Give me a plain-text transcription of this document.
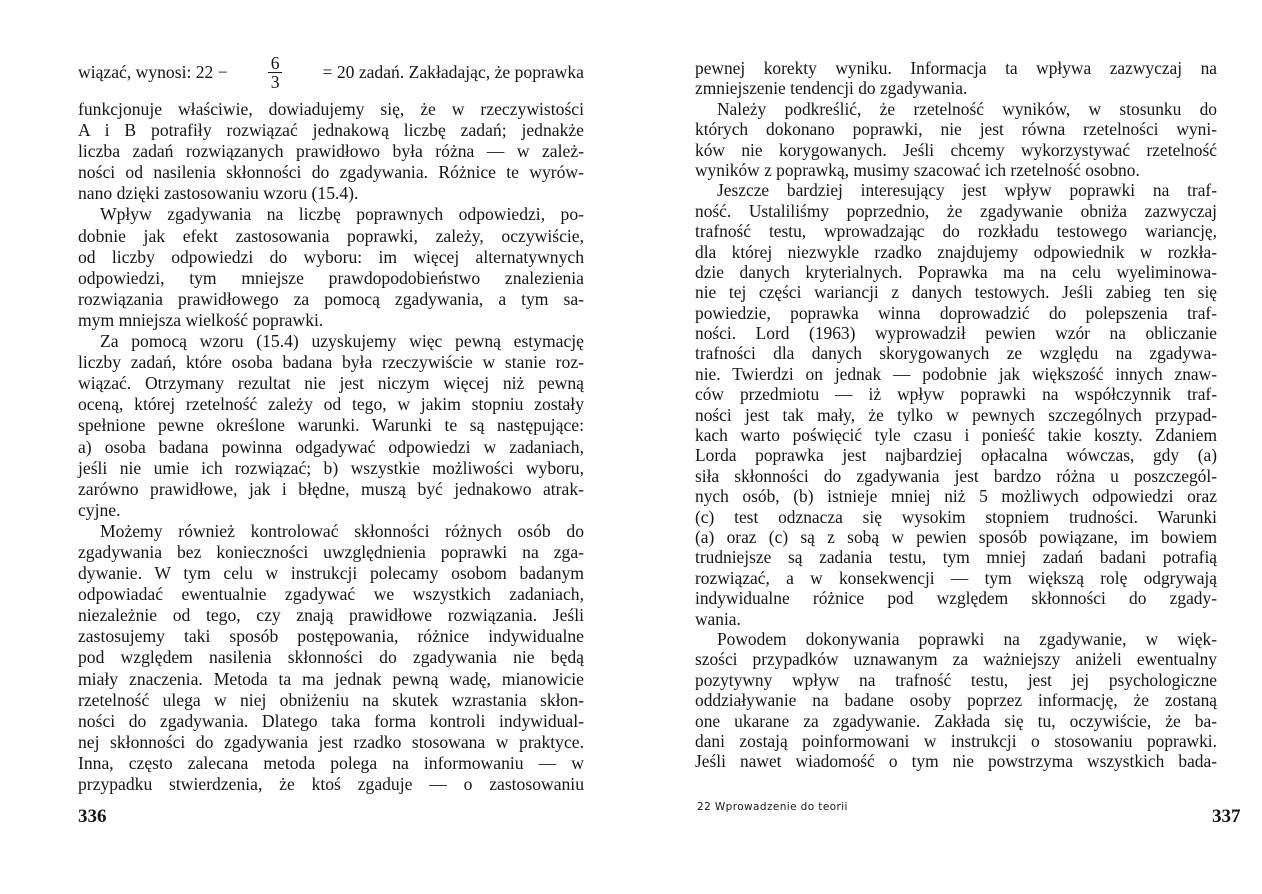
wiązać, wynosi: $22 - \frac{6}{3} = 20$ zadań. Zakładając, że poprawka
funkcjonuje właściwie, dowiadujemy się, że w rzeczywistości
A i B potrafiły rozwiązać jednakową liczbę zadań; jednakże
liczba zadań rozwiązanych prawidłowo była różna — w zależ-
ności od nasilenia skłonności do zgadywania. Różnice te wyrów-
nano dzięki zastosowaniu wzoru (15.4).
Wpływ zgadywania na liczbę poprawnych odpowiedzi, po-
dobnie jak efekt zastosowania poprawki, zależy, oczywiście,
od liczby odpowiedzi do wyboru: im więcej alternatywnych
odpowiedzi, tym mniejsze prawdopodobieństwo znalezienia
rozwiązania prawidłowego za pomocą zgadywania, a tym sa-
mym mniejsza wielkość poprawki.
Za pomocą wzoru (15.4) uzyskujemy więc pewną estymację
liczby zadań, które osoba badana była rzeczywiście w stanie roz-
wiązać. Otrzymany rezultat nie jest niczym więcej niż pewną
oceną, której rzetelność zależy od tego, w jakim stopniu zostały
spełnione pewne określone warunki. Warunki te są następujące:
a) osoba badana powinna odgadywać odpowiedzi w zadaniach,
jeśli nie umie ich rozwiązać; b) wszystkie możliwości wyboru,
zarówno prawidłowe, jak i błędne, muszą być jednakowo atrak-
cyjne.
Możemy również kontrolować skłonności różnych osób do
zgadywania bez konieczności uwzględnienia poprawki na zga-
dywanie. W tym celu w instrukcji polecamy osobom badanym
odpowiadać ewentualnie zgadywać we wszystkich zadaniach,
niezależnie od tego, czy znają prawidłowe rozwiązania. Jeśli
zastosujemy taki sposób postępowania, różnice indywidualne
pod względem nasilenia skłonności do zgadywania nie będą
miały znaczenia. Metoda ta ma jednak pewną wadę, mianowicie
rzetelność ulega w niej obniżeniu na skutek wzrastania skłon-
ności do zgadywania. Dlatego taka forma kontroli indywidual-
nej skłonności do zgadywania jest rzadko stosowana w praktyce.
Inna, często zalecana metoda polega na informowaniu — w
przypadku stwierdzenia, że ktoś zgaduje — o zastosowaniu
pewnej korekty wyniku. Informacja ta wpływa zazwyczaj na
zmniejszenie tendencji do zgadywania.
Należy podkreślić, że rzetelność wyników, w stosunku do
których dokonano poprawki, nie jest równa rzetelności wyni-
ków nie korygowanych. Jeśli chcemy wykorzystywać rzetelność
wyników z poprawką, musimy szacować ich rzetelność osobno.
Jeszcze bardziej interesujący jest wpływ poprawki na traf-
ność. Ustaliliśmy poprzednio, że zgadywanie obniża zazwyczaj
trafność testu, wprowadzając do rozkładu testowego wariancję,
dla której niezwykle rzadko znajdujemy odpowiednik w rozkła-
dzie danych kryterialnych. Poprawka ma na celu wyeliminowa-
nie tej części wariancji z danych testowych. Jeśli zabieg ten się
powiedzie, poprawka winna doprowadzić do polepszenia traf-
ności. Lord (1963) wyprowadził pewien wzór na obliczanie
trafności dla danych skorygowanych ze względu na zgadywa-
nie. Twierdzi on jednak — podobnie jak większość innych znaw-
ców przedmiotu — iż wpływ poprawki na współczynnik traf-
ności jest tak mały, że tylko w pewnych szczególnych przypad-
kach warto poświęcić tyle czasu i ponieść takie koszty. Zdaniem
Lorda poprawka jest najbardziej opłacalna wówczas, gdy (a)
siła skłonności do zgadywania jest bardzo różna u poszczegól-
nych osób, (b) istnieje mniej niż 5 możliwych odpowiedzi oraz
(c) test odznacza się wysokim stopniem trudności. Warunki
(a) oraz (c) są z sobą w pewien sposób powiązane, im bowiem
trudniejsze są zadania testu, tym mniej zadań badani potrafią
rozwiązać, a w konsekwencji — tym większą rolę odgrywają
indywidualne różnice pod względem skłonności do zgady-
wania.
Powodem dokonywania poprawki na zgadywanie, w więk-
szości przypadków uznawanym za ważniejszy aniżeli ewentualny
pozytywny wpływ na trafność testu, jest jej psychologiczne
oddziaływanie na badane osoby poprzez informację, że zostaną
one ukarane za zgadywanie. Zakłada się tu, oczywiście, że ba-
dani zostają poinformowani w instrukcji o stosowaniu poprawki.
Jeśli nawet wiadomość o tym nie powstrzyma wszystkich bada-
336	22 Wprowadzenie do teorii	337
